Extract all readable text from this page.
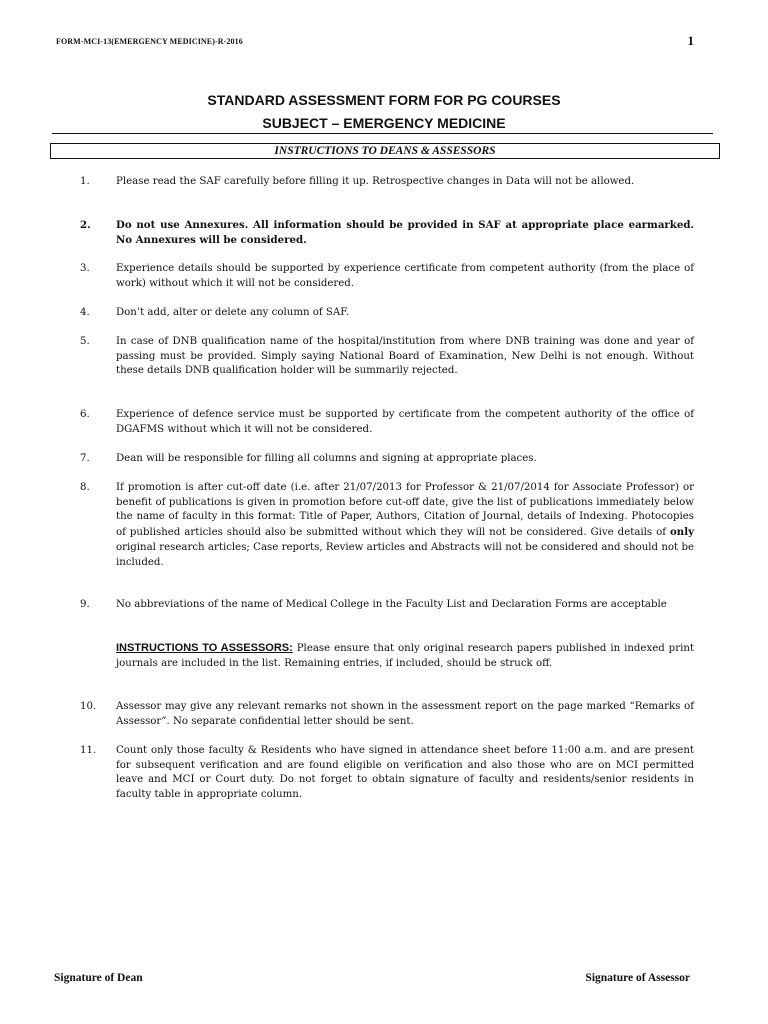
FORM-MCI-13(EMERGENCY MEDICINE)-R-2016	1
STANDARD ASSESSMENT FORM FOR PG COURSES
SUBJECT – EMERGENCY MEDICINE
INSTRUCTIONS TO DEANS & ASSESSORS
1.	Please read the SAF carefully before filling it up. Retrospective changes in Data will not be allowed.
2.	Do not use Annexures. All information should be provided in SAF at appropriate place earmarked. No Annexures will be considered.
3.	Experience details should be supported by experience certificate from competent authority (from the place of work) without which it will not be considered.
4.	Don’t add, alter or delete any column of SAF.
5.	In case of DNB qualification name of the hospital/institution from where DNB training was done and year of passing must be provided. Simply saying National Board of Examination, New Delhi is not enough. Without these details DNB qualification holder will be summarily rejected.
6.	Experience of defence service must be supported by certificate from the competent authority of the office of DGAFMS without which it will not be considered.
7.	Dean will be responsible for filling all columns and signing at appropriate places.
8.	If promotion is after cut-off date (i.e. after 21/07/2013 for Professor & 21/07/2014 for Associate Professor) or benefit of publications is given in promotion before cut-off date, give the list of publications immediately below the name of faculty in this format: Title of Paper, Authors, Citation of Journal, details of Indexing. Photocopies of published articles should also be submitted without which they will not be considered. Give details of only original research articles; Case reports, Review articles and Abstracts will not be considered and should not be included.
9.	No abbreviations of the name of Medical College in the Faculty List and Declaration Forms are acceptable
INSTRUCTIONS TO ASSESSORS: Please ensure that only original research papers published in indexed print journals are included in the list. Remaining entries, if included, should be struck off.
10.	Assessor may give any relevant remarks not shown in the assessment report on the page marked “Remarks of Assessor”. No separate confidential letter should be sent.
11.	Count only those faculty & Residents who have signed in attendance sheet before 11:00 a.m. and are present for subsequent verification and are found eligible on verification and also those who are on MCI permitted leave and MCI or Court duty. Do not forget to obtain signature of faculty and residents/senior residents in faculty table in appropriate column.
Signature of Dean	Signature of Assessor
